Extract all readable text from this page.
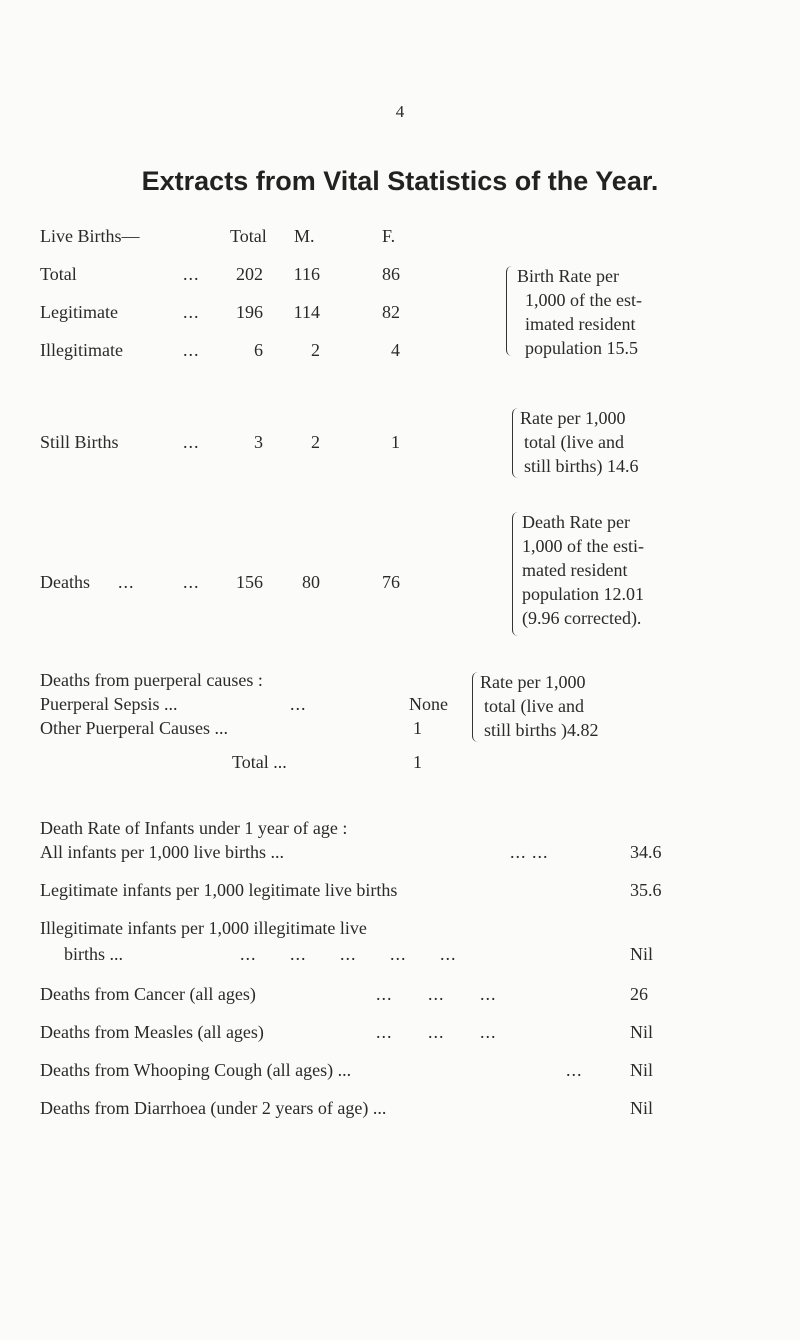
4
Extracts from Vital Statistics of the Year.
Live Births—	Total M.	F.
Total	...	202	116	86
Legitimate	...	196	114	82
Illegitimate	...	6	2	4
Birth Rate per
1,000 of the est-
imated resident
population 15.5
Still Births	...	3	2	1
Rate per 1,000
total (live and
still births) 14.6
Deaths ...	...	156	80	76
Death Rate per
1,000 of the esti-
mated resident
population 12.01
(9.96 corrected).
Deaths from puerperal causes :
Puerperal Sepsis ...	...	None
Other Puerperal Causes ...	1
Total ...	1
Rate per 1,000
total (live and
still births )4.82
Death Rate of Infants under 1 year of age :
All infants per 1,000 live births ...	... ...	34.6
Legitimate infants per 1,000 legitimate live births	35.6
Illegitimate infants per 1,000 illegitimate live
births ...	... ... ... ... ...	Nil
Deaths from Cancer (all ages)	... ... ...	26
Deaths from Measles (all ages)	... ... ...	Nil
Deaths from Whooping Cough (all ages) ...	...	Nil
Deaths from Diarrhoea (under 2 years of age) ...	Nil
